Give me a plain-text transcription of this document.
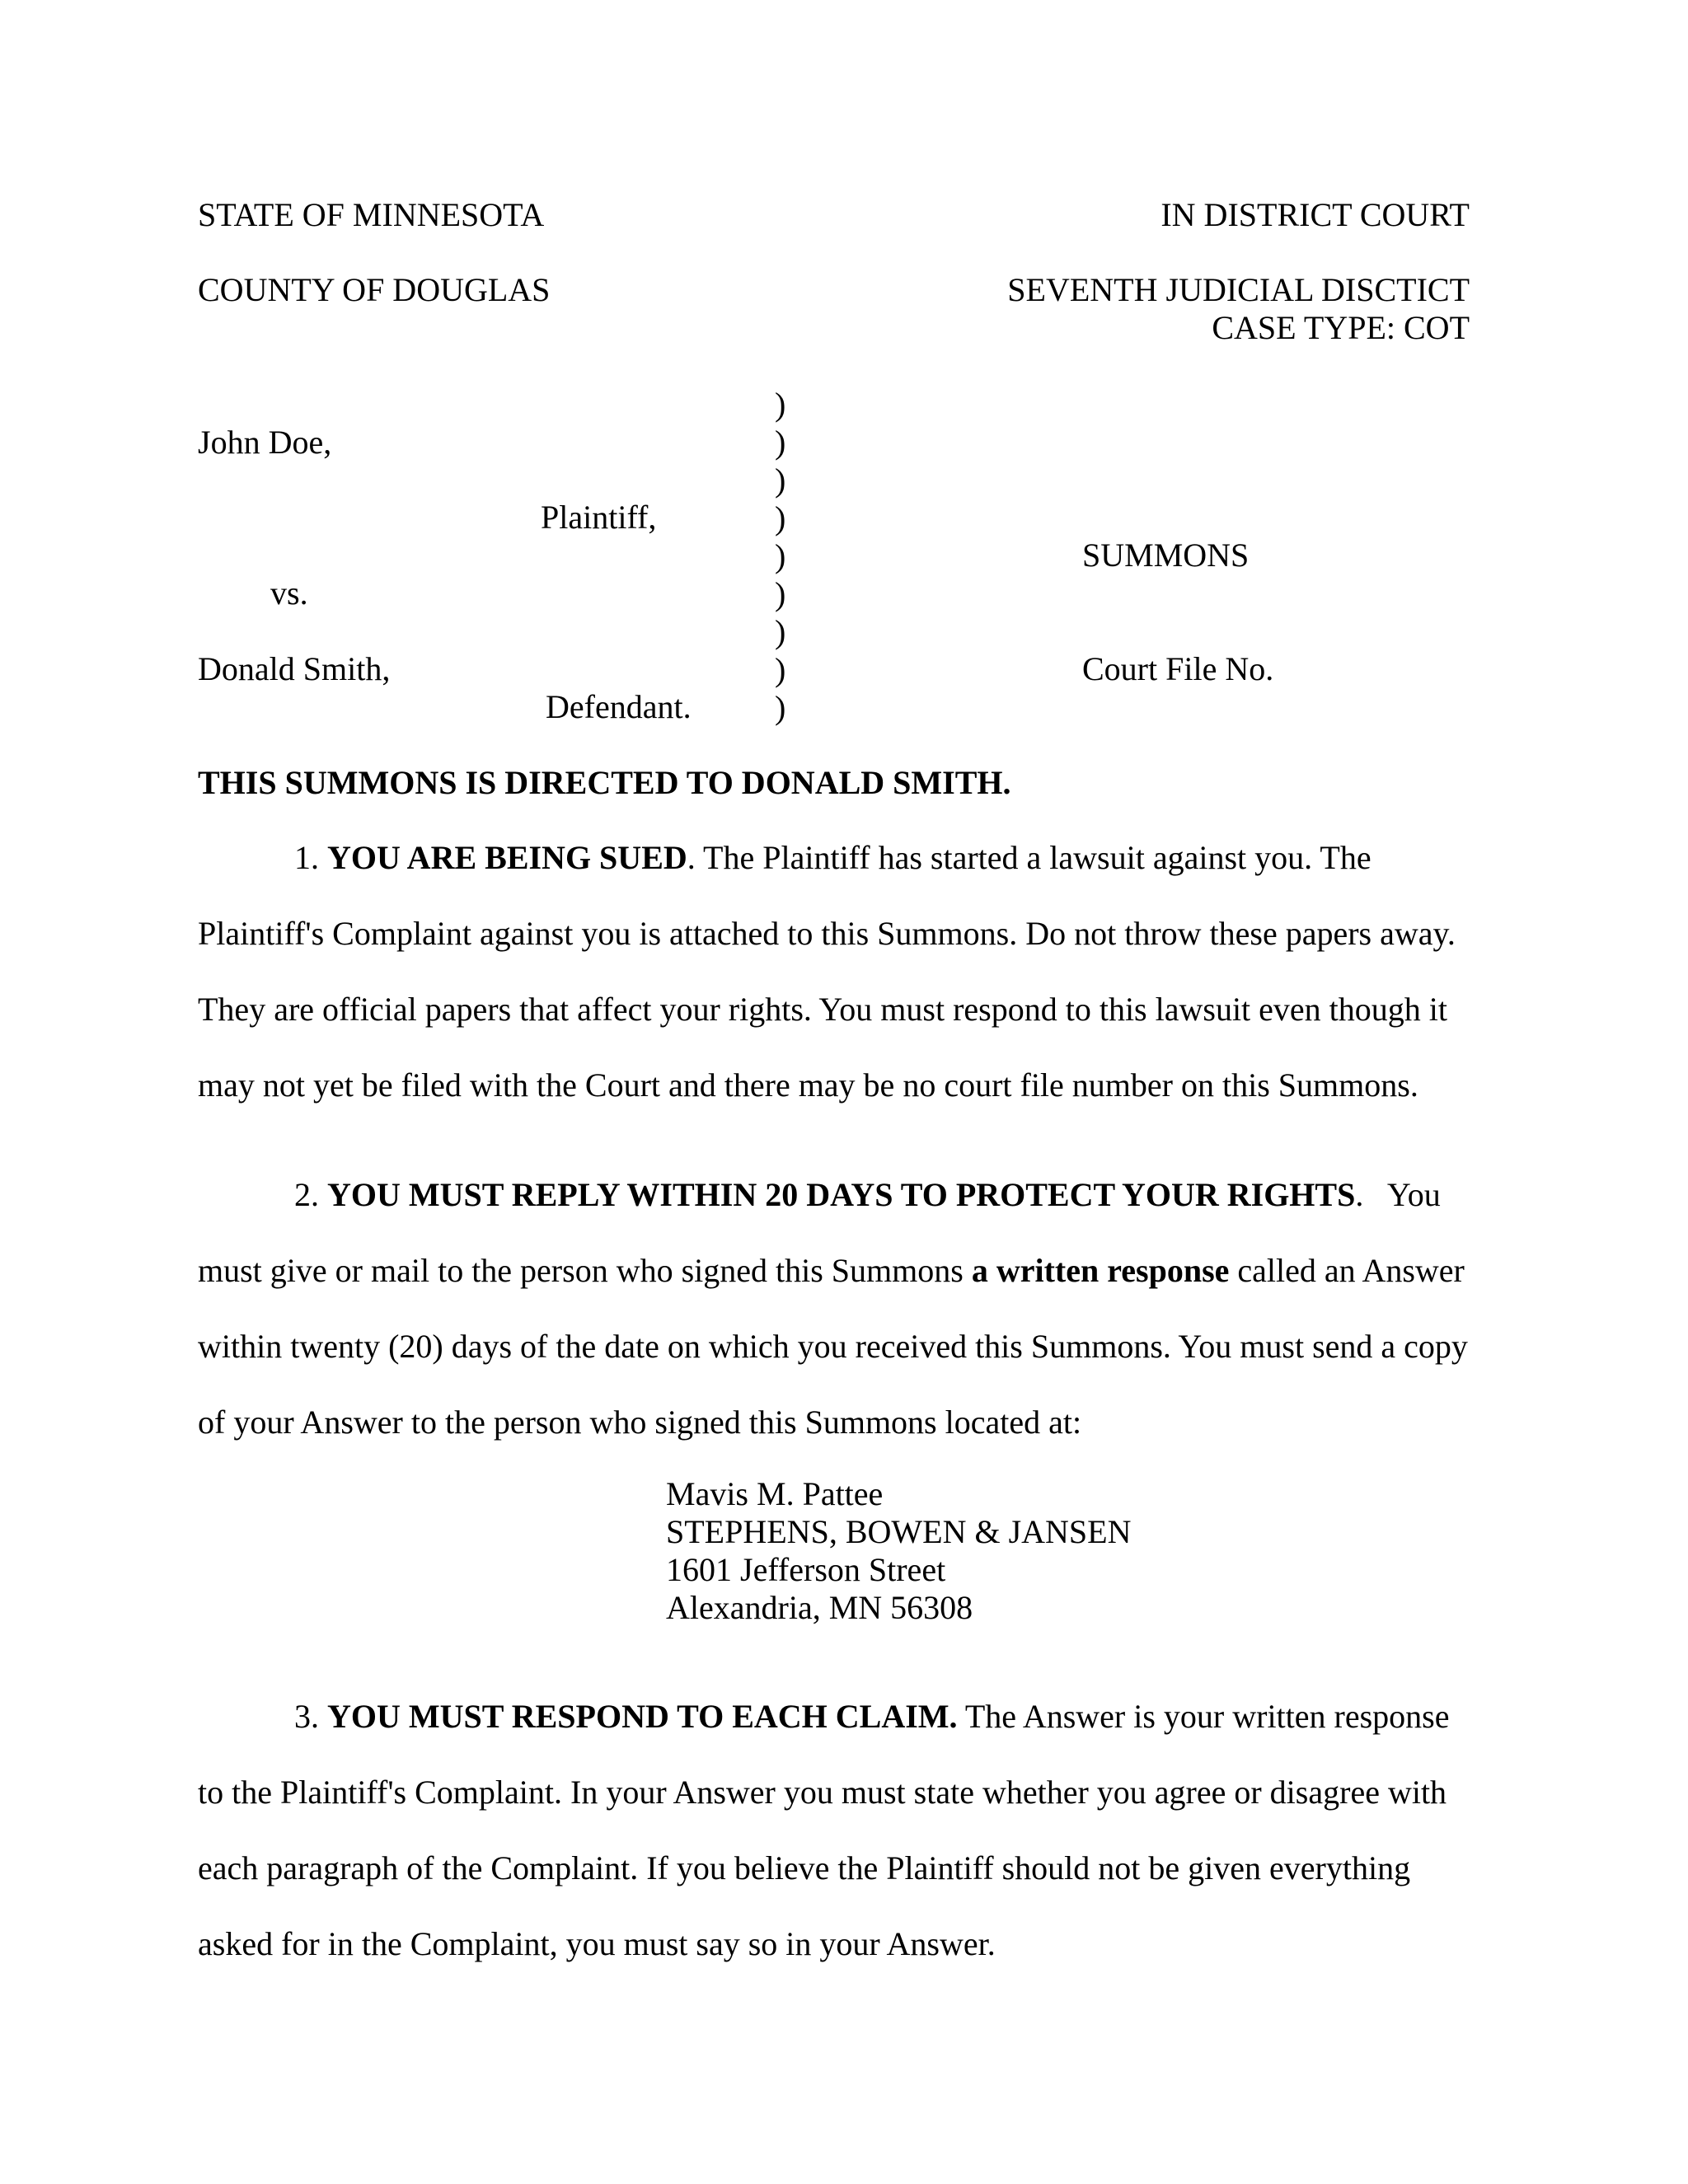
STATE OF MINNESOTA	IN DISTRICT COURT

COUNTY OF DOUGLAS	SEVENTH JUDICIAL DISCTICT

CASE TYPE: COT

John Doe,

Plaintiff,

vs.

Donald Smith,

Defendant.

)
)
)
)
)
)
)
)
)

SUMMONS

Court File No.

THIS SUMMONS IS DIRECTED TO DONALD SMITH.

1. YOU ARE BEING SUED. The Plaintiff has started a lawsuit against you. The
Plaintiff's Complaint against you is attached to this Summons. Do not throw these papers away.
They are official papers that affect your rights. You must respond to this lawsuit even though it
may not yet be filed with the Court and there may be no court file number on this Summons.
2. YOU MUST REPLY WITHIN 20 DAYS TO PROTECT YOUR RIGHTS.   You
must give or mail to the person who signed this Summons a written response called an Answer
within twenty (20) days of the date on which you received this Summons. You must send a copy
of your Answer to the person who signed this Summons located at:
Mavis M. Pattee
STEPHENS, BOWEN & JANSEN
1601 Jefferson Street
Alexandria, MN 56308
3. YOU MUST RESPOND TO EACH CLAIM. The Answer is your written response
to the Plaintiff's Complaint. In your Answer you must state whether you agree or disagree with
each paragraph of the Complaint. If you believe the Plaintiff should not be given everything
asked for in the Complaint, you must say so in your Answer.
